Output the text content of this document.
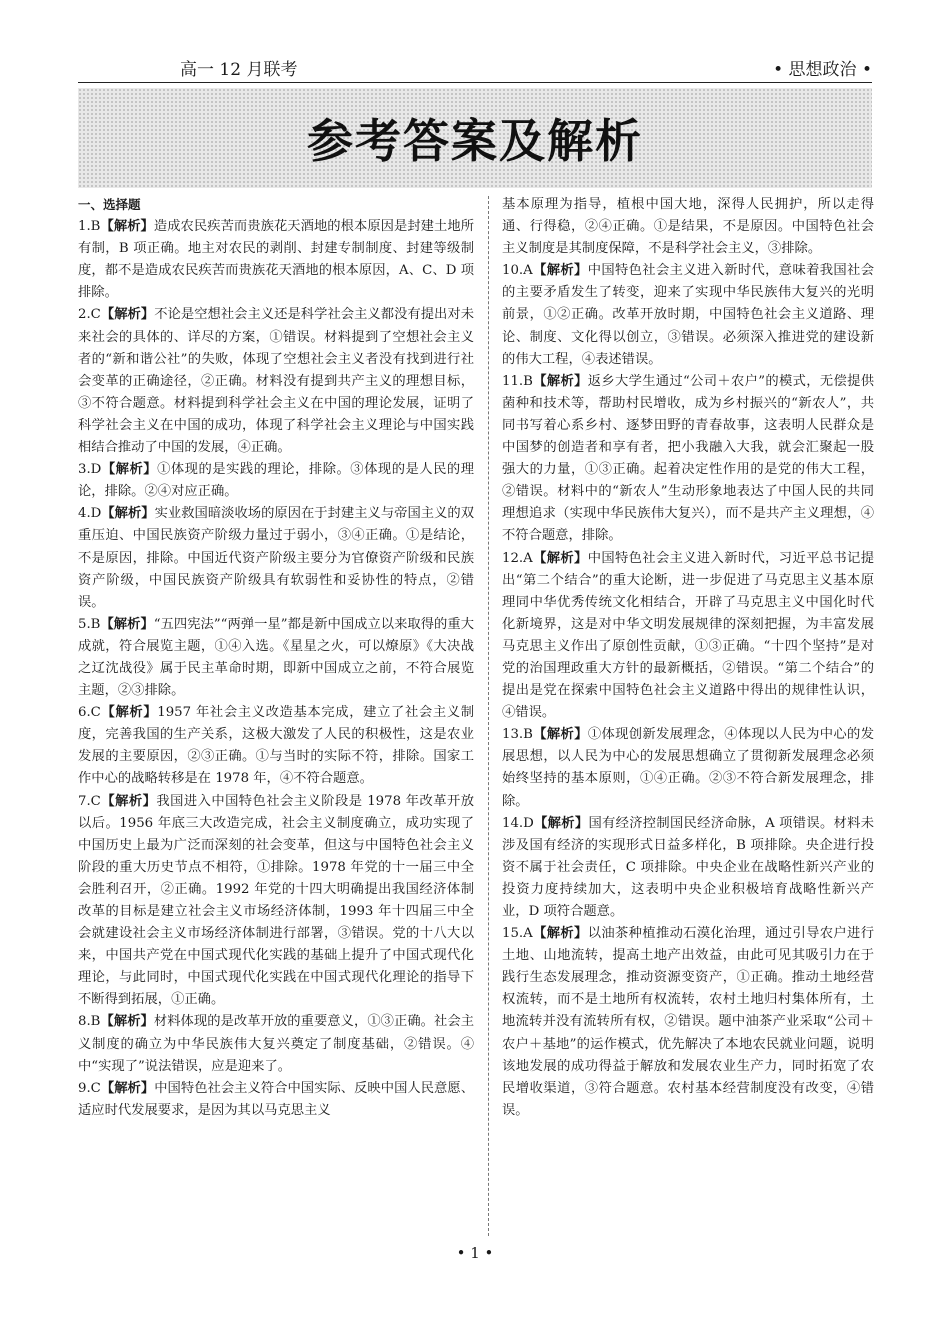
高一 12 月联考	• 思想政治 •
参考答案及解析
一、选择题

1.B【解析】造成农民疾苦而贵族花天酒地的根本原因是封建土地所有制，B 项正确。地主对农民的剥削、封建专制制度、封建等级制度，都不是造成农民疾苦而贵族花天酒地的根本原因，A、C、D 项排除。

2.C【解析】不论是空想社会主义还是科学社会主义都没有提出对未来社会的具体的、详尽的方案，①错误。材料提到了空想社会主义者的“新和谐公社”的失败，体现了空想社会主义者没有找到进行社会变革的正确途径，②正确。材料没有提到共产主义的理想目标，③不符合题意。材料提到科学社会主义在中国的理论发展，证明了科学社会主义在中国的成功，体现了科学社会主义理论与中国实践相结合推动了中国的发展，④正确。

3.D【解析】①体现的是实践的理论，排除。③体现的是人民的理论，排除。②④对应正确。

4.D【解析】实业救国暗淡收场的原因在于封建主义与帝国主义的双重压迫、中国民族资产阶级力量过于弱小，③④正确。①是结论，不是原因，排除。中国近代资产阶级主要分为官僚资产阶级和民族资产阶级，中国民族资产阶级具有软弱性和妥协性的特点，②错误。

5.B【解析】“五四宪法”“两弹一星”都是新中国成立以来取得的重大成就，符合展览主题，①④入选。《星星之火，可以燎原》《大决战之辽沈战役》属于民主革命时期，即新中国成立之前，不符合展览主题，②③排除。

6.C【解析】1957 年社会主义改造基本完成，建立了社会主义制度，完善我国的生产关系，这极大激发了人民的积极性，这是农业发展的主要原因，②③正确。①与当时的实际不符，排除。国家工作中心的战略转移是在 1978 年，④不符合题意。

7.C【解析】我国进入中国特色社会主义阶段是 1978 年改革开放以后。1956 年底三大改造完成，社会主义制度确立，成功实现了中国历史上最为广泛而深刻的社会变革，但这与中国特色社会主义阶段的重大历史节点不相符，①排除。1978 年党的十一届三中全会胜利召开，②正确。1992 年党的十四大明确提出我国经济体制改革的目标是建立社会主义市场经济体制，1993 年十四届三中全会就建设社会主义市场经济体制进行部署，③错误。党的十八大以来，中国共产党在中国式现代化实践的基础上提升了中国式现代化理论，与此同时，中国式现代化实践在中国式现代化理论的指导下不断得到拓展，①正确。

8.B【解析】材料体现的是改革开放的重要意义，①③正确。社会主义制度的确立为中华民族伟大复兴奠定了制度基础，②错误。④中“实现了”说法错误，应是迎来了。

9.C【解析】中国特色社会主义符合中国实际、反映中国人民意愿、适应时代发展要求，是因为其以马克思主义

基本原理为指导，植根中国大地，深得人民拥护，所以走得通、行得稳，②④正确。①是结果，不是原因。中国特色社会主义制度是其制度保障，不是科学社会主义，③排除。

10.A【解析】中国特色社会主义进入新时代，意味着我国社会的主要矛盾发生了转变，迎来了实现中华民族伟大复兴的光明前景，①②正确。改革开放时期，中国特色社会主义道路、理论、制度、文化得以创立，③错误。必须深入推进党的建设新的伟大工程，④表述错误。

11.B【解析】返乡大学生通过“公司＋农户”的模式，无偿提供菌种和技术等，帮助村民增收，成为乡村振兴的“新农人”，共同书写着心系乡村、逐梦田野的青春故事，这表明人民群众是中国梦的创造者和享有者，把小我融入大我，就会汇聚起一股强大的力量，①③正确。起着决定性作用的是党的伟大工程，②错误。材料中的“新农人”生动形象地表达了中国人民的共同理想追求（实现中华民族伟大复兴），而不是共产主义理想，④不符合题意，排除。

12.A【解析】中国特色社会主义进入新时代，习近平总书记提出“第二个结合”的重大论断，进一步促进了马克思主义基本原理同中华优秀传统文化相结合，开辟了马克思主义中国化时代化新境界，这是对中华文明发展规律的深刻把握，为丰富发展马克思主义作出了原创性贡献，①③正确。“十四个坚持”是对党的治国理政重大方针的最新概括，②错误。“第二个结合”的提出是党在探索中国特色社会主义道路中得出的规律性认识，④错误。

13.B【解析】①体现创新发展理念，④体现以人民为中心的发展思想，以人民为中心的发展思想确立了贯彻新发展理念必须始终坚持的基本原则，①④正确。②③不符合新发展理念，排除。

14.D【解析】国有经济控制国民经济命脉，A 项错误。材料未涉及国有经济的实现形式日益多样化，B 项排除。央企进行投资不属于社会责任，C 项排除。中央企业在战略性新兴产业的投资力度持续加大，这表明中央企业积极培育战略性新兴产业，D 项符合题意。

15.A【解析】以油茶种植推动石漠化治理，通过引导农户进行土地、山地流转，提高土地产出效益，由此可见其吸引力在于践行生态发展理念，推动资源变资产，①正确。推动土地经营权流转，而不是土地所有权流转，农村土地归村集体所有，土地流转并没有流转所有权，②错误。题中油茶产业采取“公司＋农户＋基地”的运作模式，优先解决了本地农民就业问题，说明该地发展的成功得益于解放和发展农业生产力，同时拓宽了农民增收渠道，③符合题意。农村基本经营制度没有改变，④错误。

• 1 •
